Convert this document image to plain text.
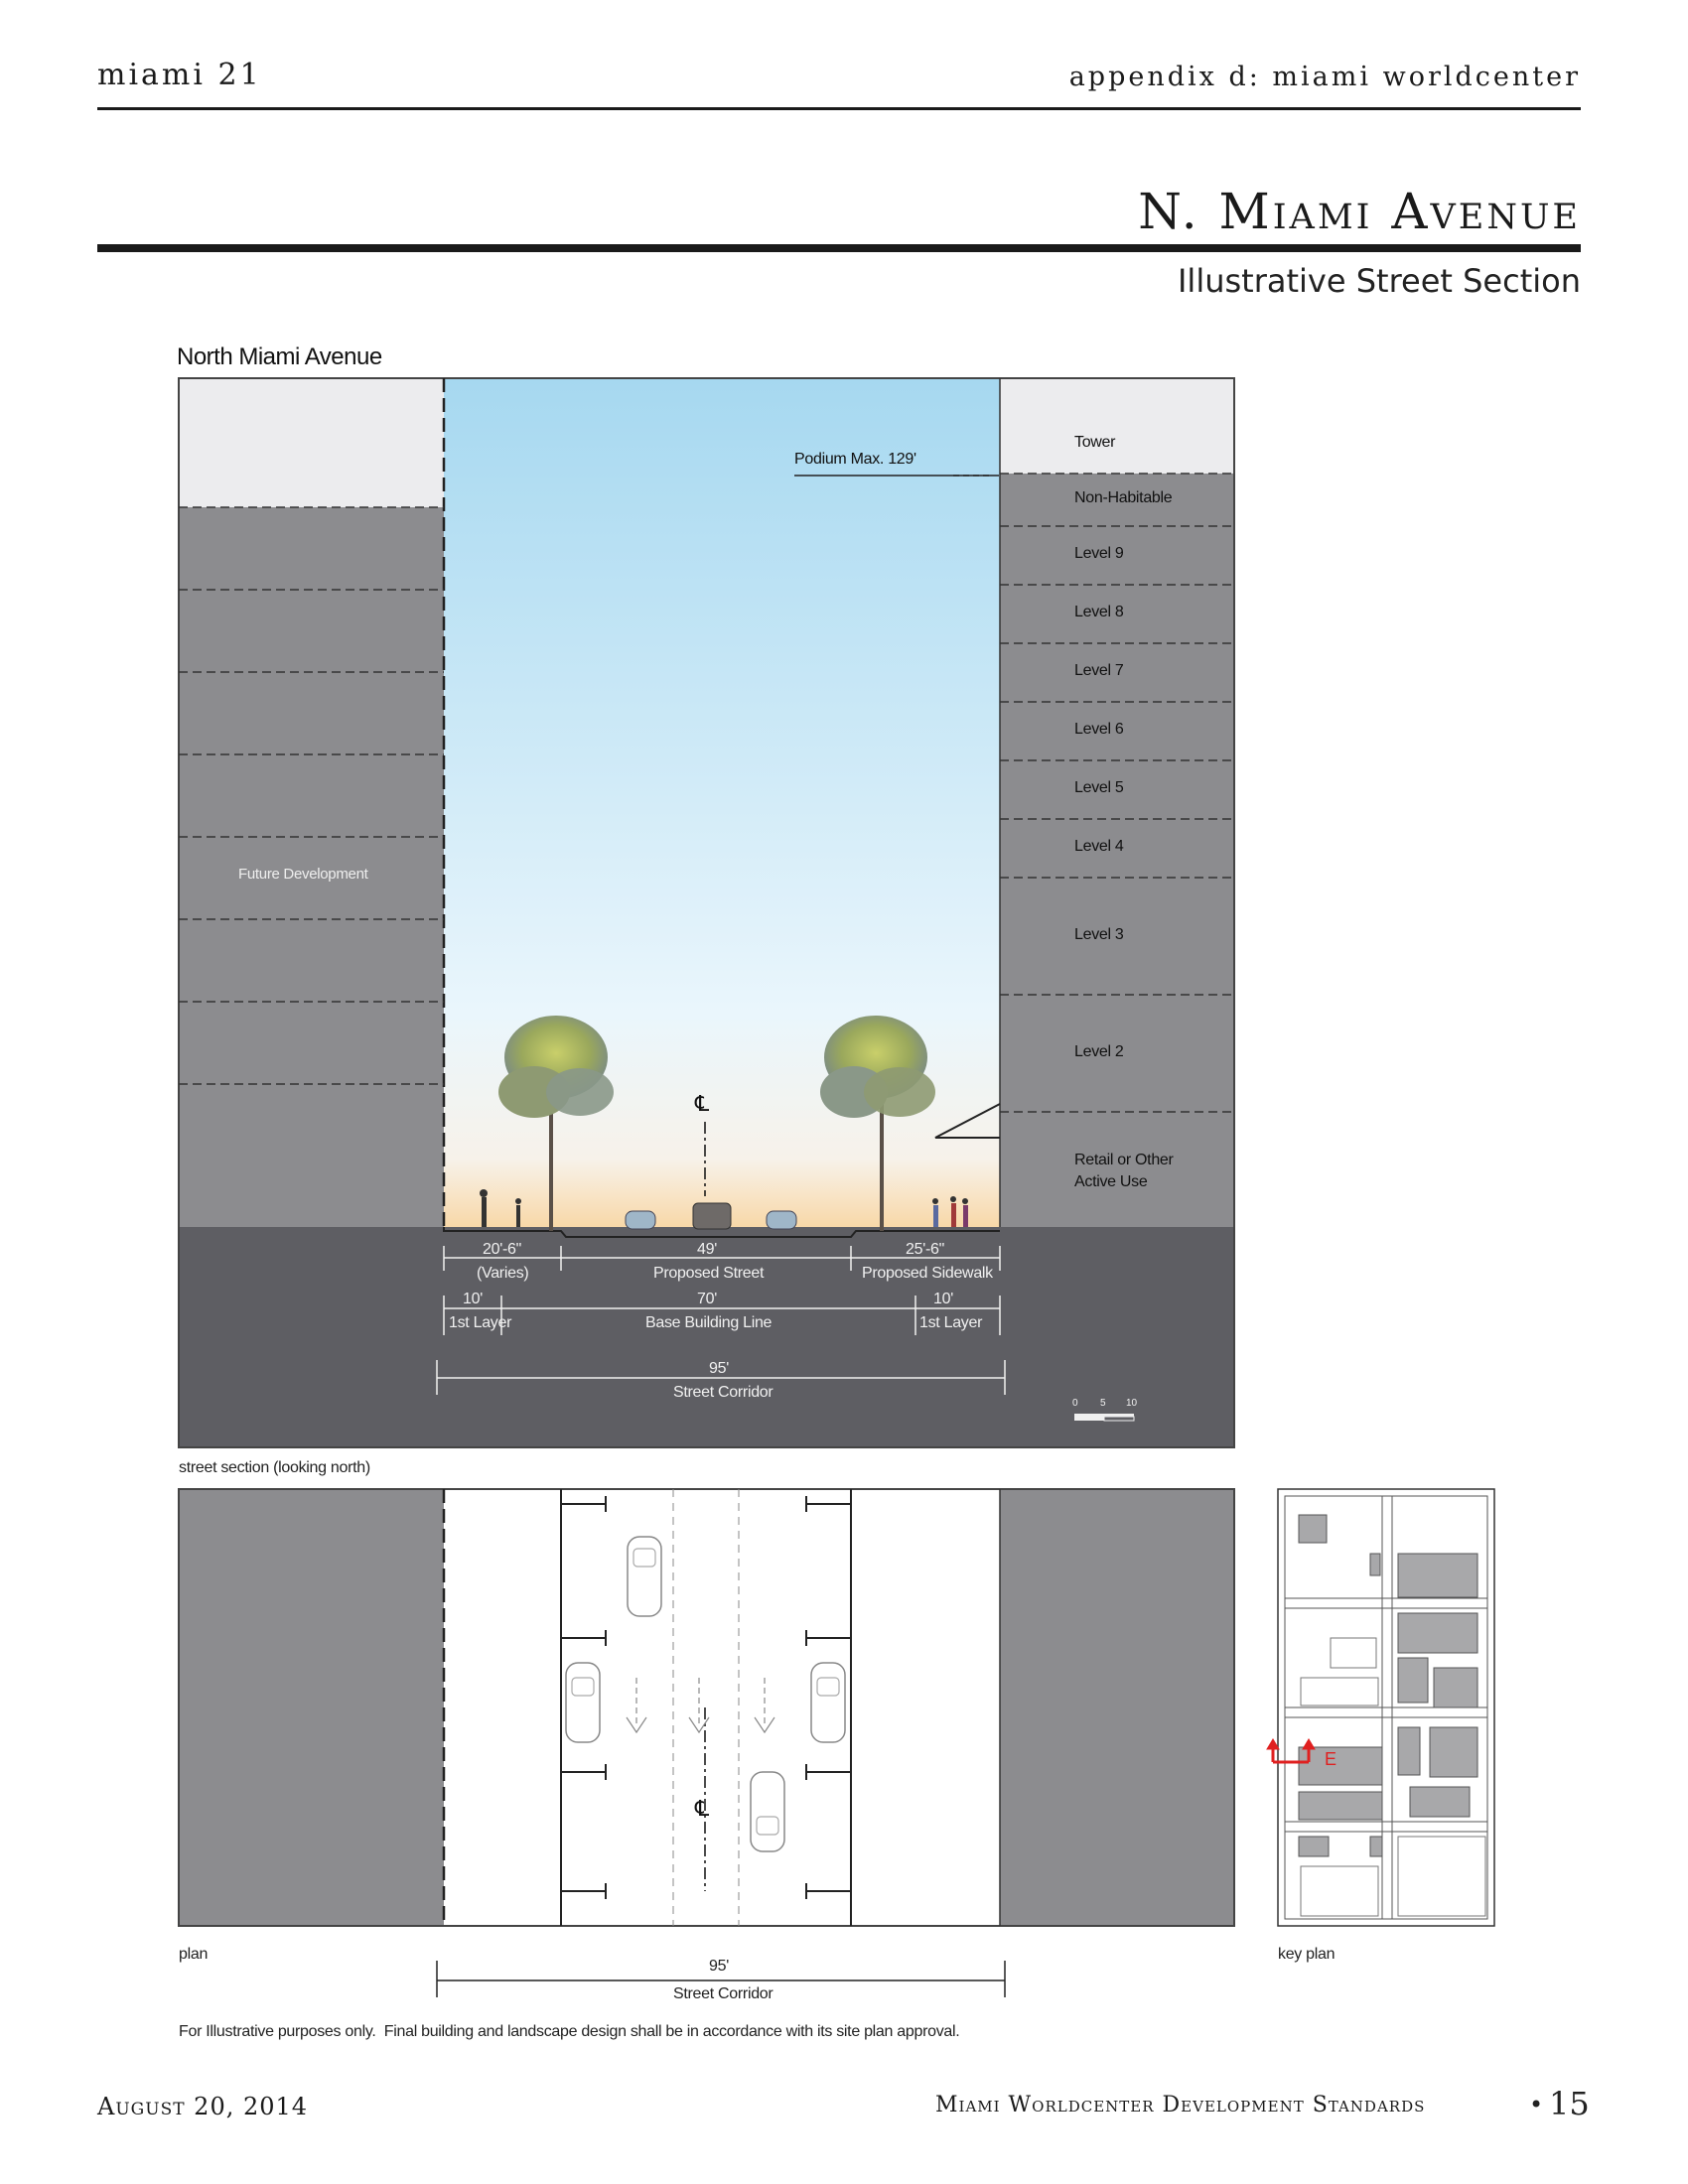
miami 21	appendix d: miami worldcenter
N. Miami Avenue
Illustrative Street Section
North Miami Avenue
Tower
Non-Habitable
Level 9
Level 8
Level 7
Level 6
Level 5
Level 4
Level 3
Level 2
Retail or Other Active Use
Podium Max. 129'
Future Development
℄
20'-6"
(Varies)
49'
Proposed Street
25'-6"
Proposed Sidewalk
10'
1st Layer
70'
Base Building Line
10'
1st Layer
95'
Street Corridor
0 5 10
street section (looking north)
E
℄
plan	key plan
95'
Street Corridor
For Illustrative purposes only.  Final building and landscape design shall be in accordance with its site plan approval.
August 20, 2014	Miami Worldcenter Development Standards	• 15
